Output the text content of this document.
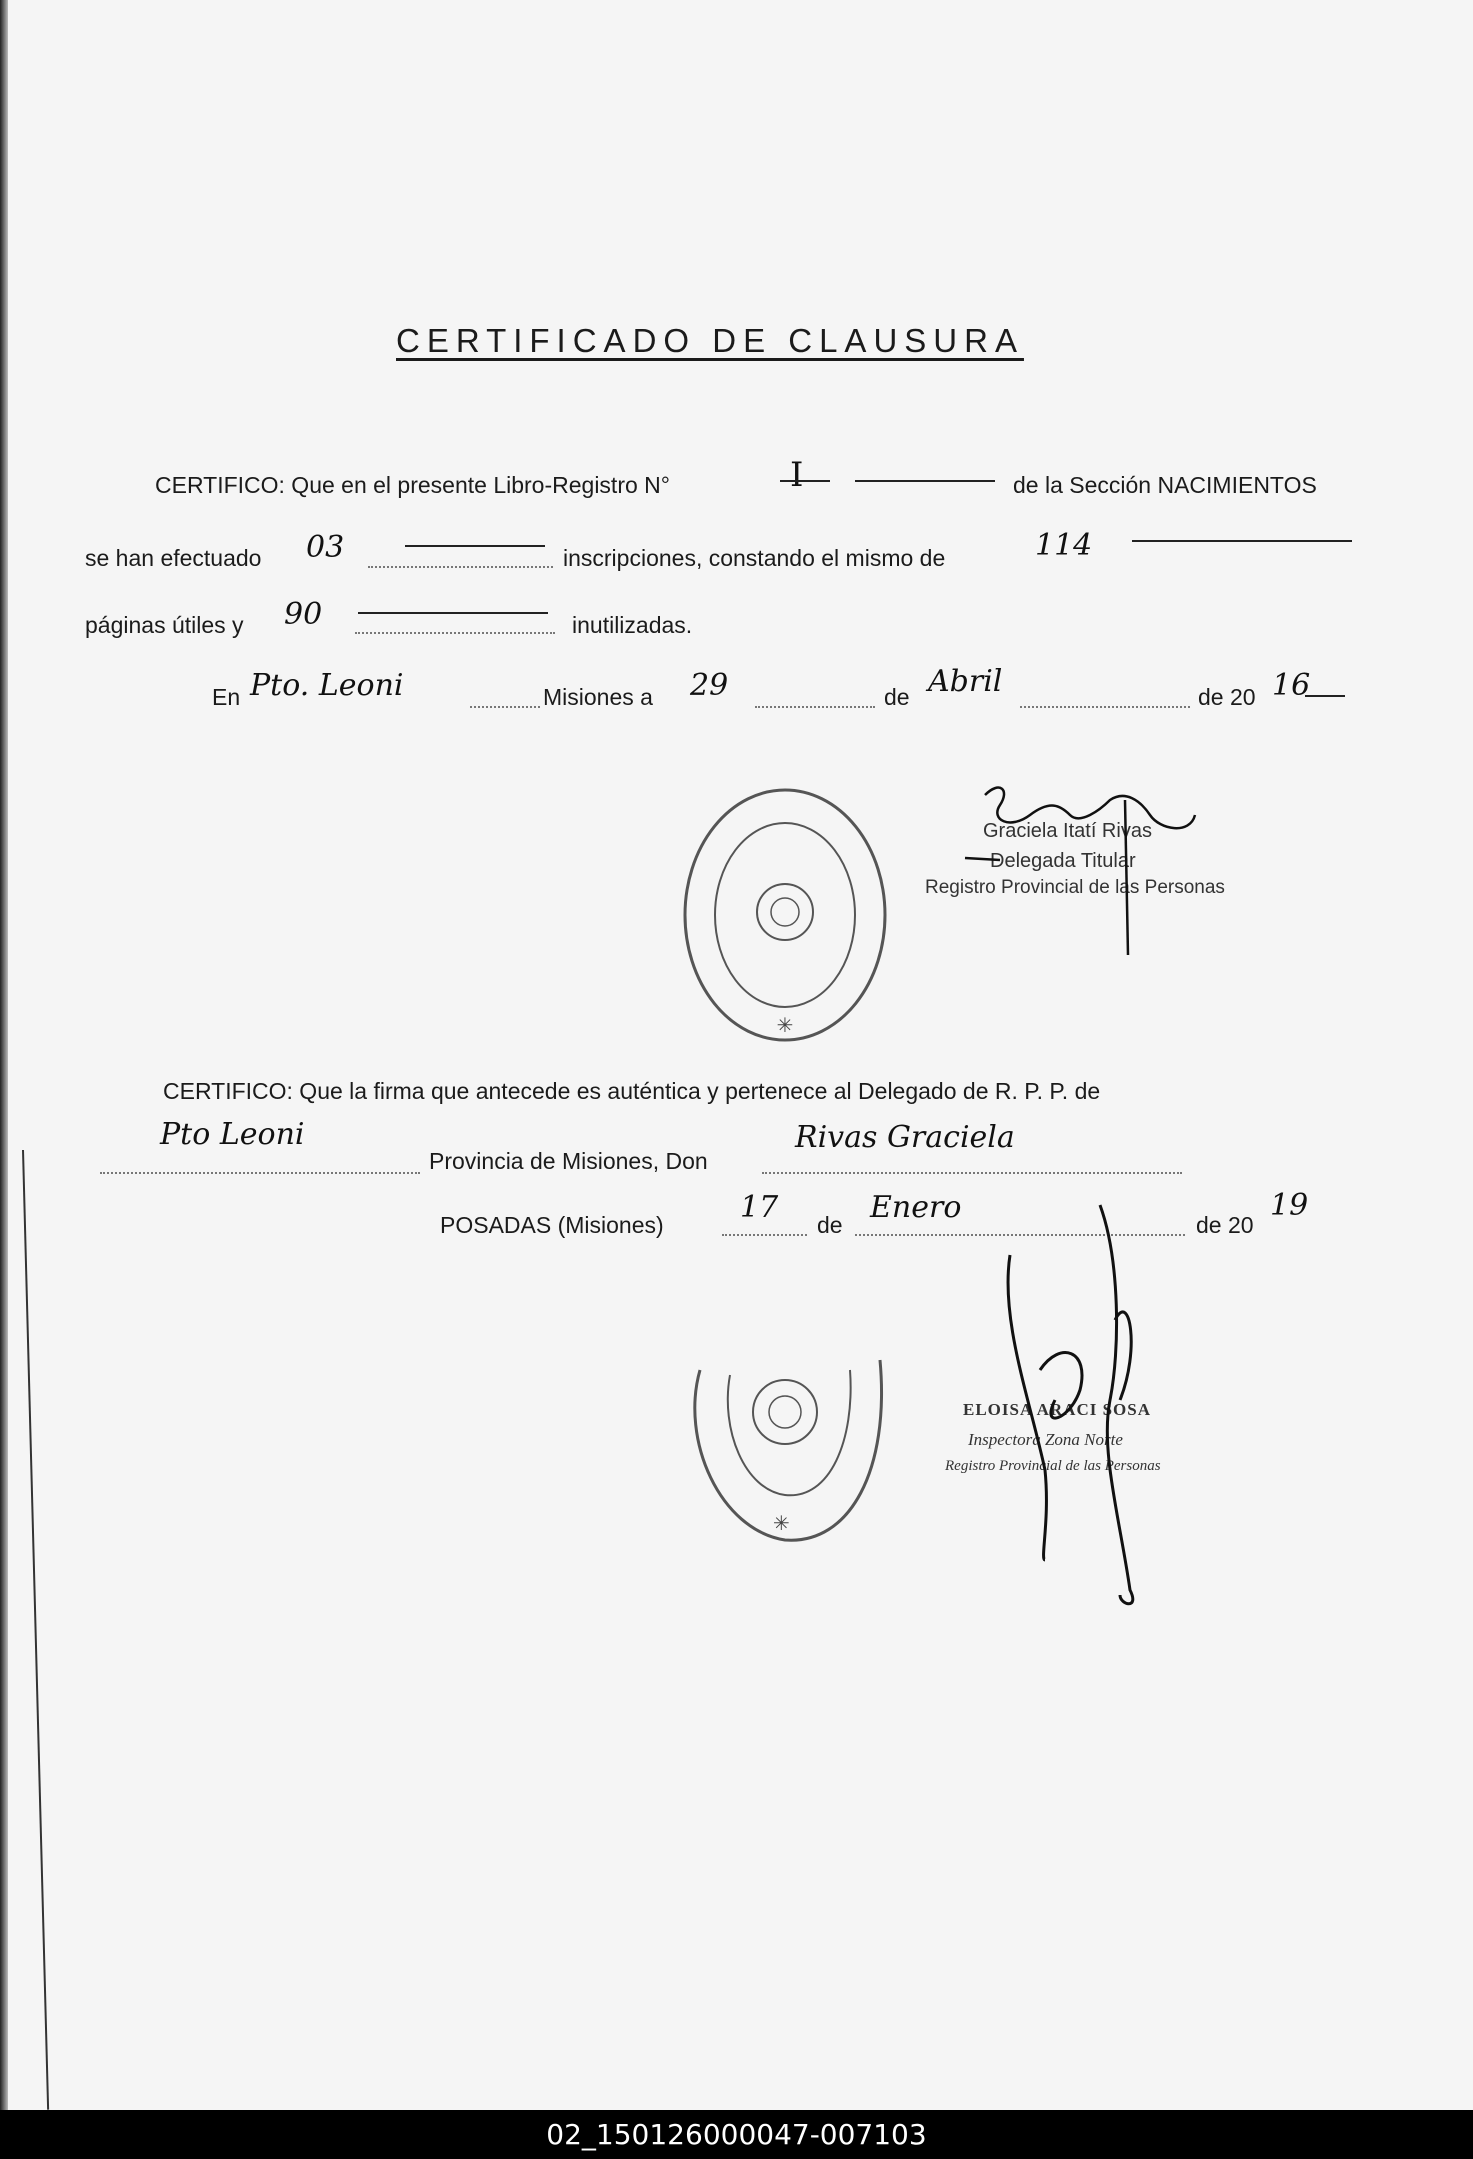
CERTIFICADO DE CLAUSURA
CERTIFICO: Que en el presente Libro-Registro N°	I	de la Sección NACIMIENTOS
se han efectuado 03	inscripciones, constando el mismo de	114
páginas útiles y 90	inutilizadas.
En Pto. Leoni	Misiones a 29	de Abril	de 20 16
Graciela Itatí Rivas
Delegada Titular
Registro Provincial de las Personas
CERTIFICO: Que la firma que antecede es auténtica y pertenece al Delegado de R. P. P. de
Pto Leoni
Provincia de Misiones, Don
Rivas Graciela
POSADAS (Misiones)	17 de Enero	de 20
19
ELOISA ARACI SOSA
Inspectora Zona Norte
Registro Provincial de las Personas
✳
✳
02_150126000047-007103
